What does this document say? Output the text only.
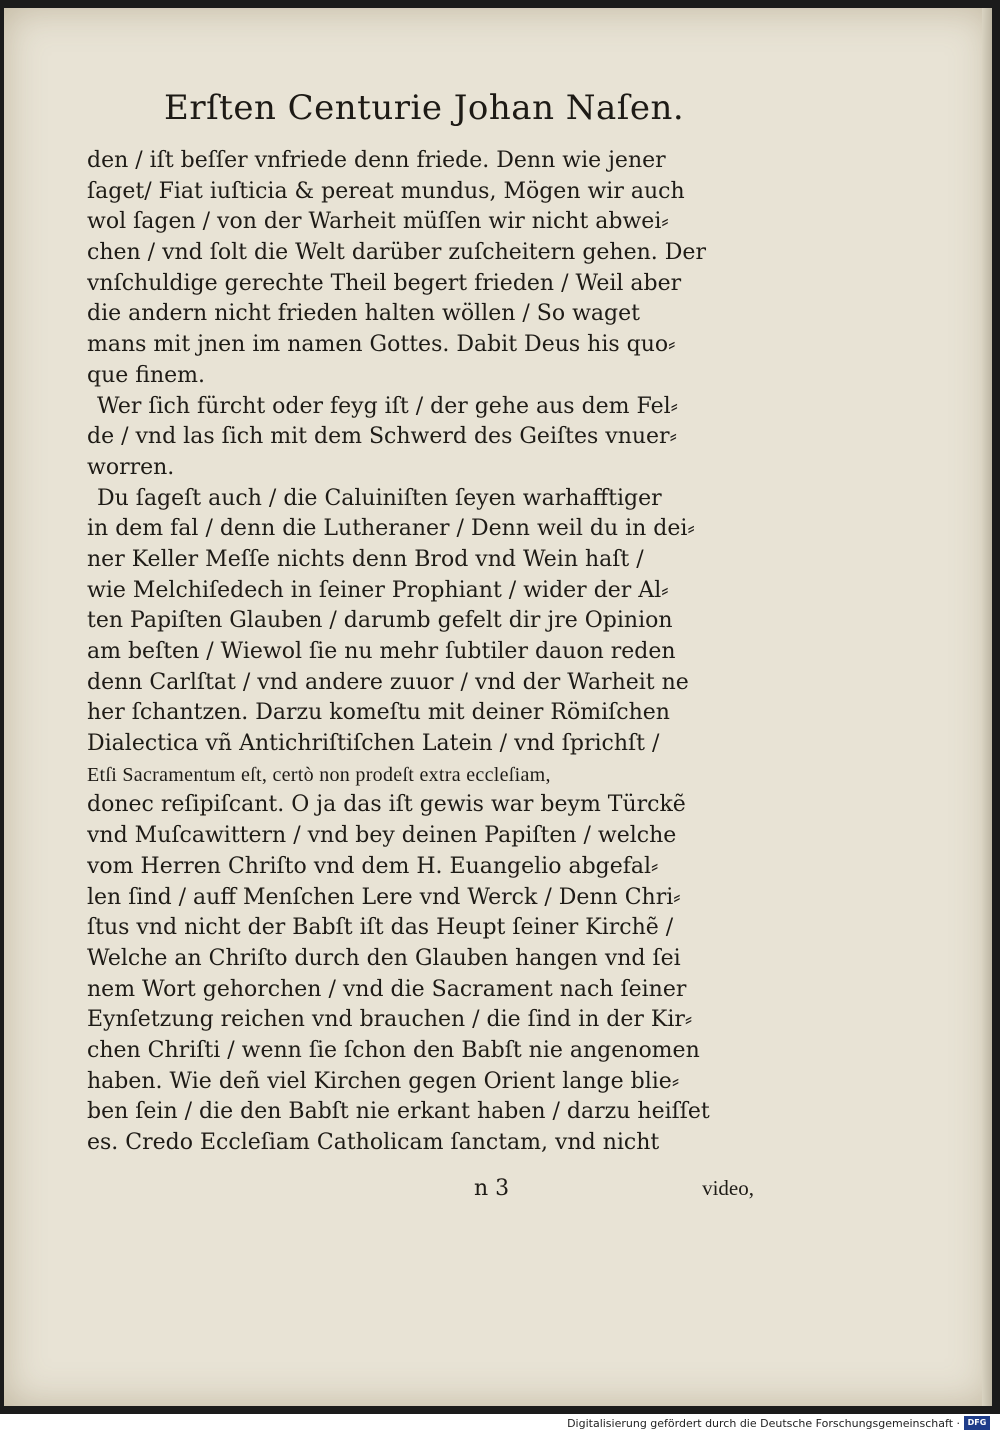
Erſten Centurie Johan Naſen.
den / iſt beſſer vnfriede denn friede. Denn wie jener
ſaget/ Fiat iuſticia & pereat mundus, Mögen wir auch
wol ſagen / von der Warheit müſſen wir nicht abwei⸗
chen / vnd ſolt die Welt darüber zuſcheitern gehen. Der
vnſchuldige gerechte Theil begert frieden / Weil aber
die andern nicht frieden halten wöllen / So waget
mans mit jnen im namen Gottes. Dabit Deus his quo⸗
que finem.
Wer ſich fürcht oder feyg iſt / der gehe aus dem Fel⸗
de / vnd las ſich mit dem Schwerd des Geiſtes vnuer⸗
worren.
Du ſageſt auch / die Caluiniſten ſeyen warhafftiger
in dem fal / denn die Lutheraner / Denn weil du in dei⸗
ner Keller Meſſe nichts denn Brod vnd Wein haſt /
wie Melchiſedech in ſeiner Prophiant / wider der Al⸗
ten Papiſten Glauben / darumb gefelt dir jre Opinion
am beſten / Wiewol ſie nu mehr ſubtiler dauon reden
denn Carlſtat / vnd andere zuuor / vnd der Warheit ne
her ſchantzen. Darzu komeſtu mit deiner Römiſchen
Dialectica vñ Antichriſtiſchen Latein / vnd ſprichſt /
Etſi Sacramentum eſt, certò non prodeſt extra eccleſiam,
donec reſipiſcant. O ja das iſt gewis war beym Türckẽ
vnd Muſcawittern / vnd bey deinen Papiſten / welche
vom Herren Chriſto vnd dem H. Euangelio abgefal⸗
len ſind / auff Menſchen Lere vnd Werck / Denn Chri⸗
ſtus vnd nicht der Babſt iſt das Heupt ſeiner Kirchẽ /
Welche an Chriſto durch den Glauben hangen vnd ſei
nem Wort gehorchen / vnd die Sacrament nach ſeiner
Eynſetzung reichen vnd brauchen / die ſind in der Kir⸗
chen Chriſti / wenn ſie ſchon den Babſt nie angenomen
haben. Wie deñ viel Kirchen gegen Orient lange blie⸗
ben ſein / die den Babſt nie erkant haben / darzu heiſſet
es. Credo Eccleſiam Catholicam ſanctam, vnd nicht
n 3	video,
Digitalisierung gefördert durch die Deutsche Forschungsgemeinschaft · DFG
